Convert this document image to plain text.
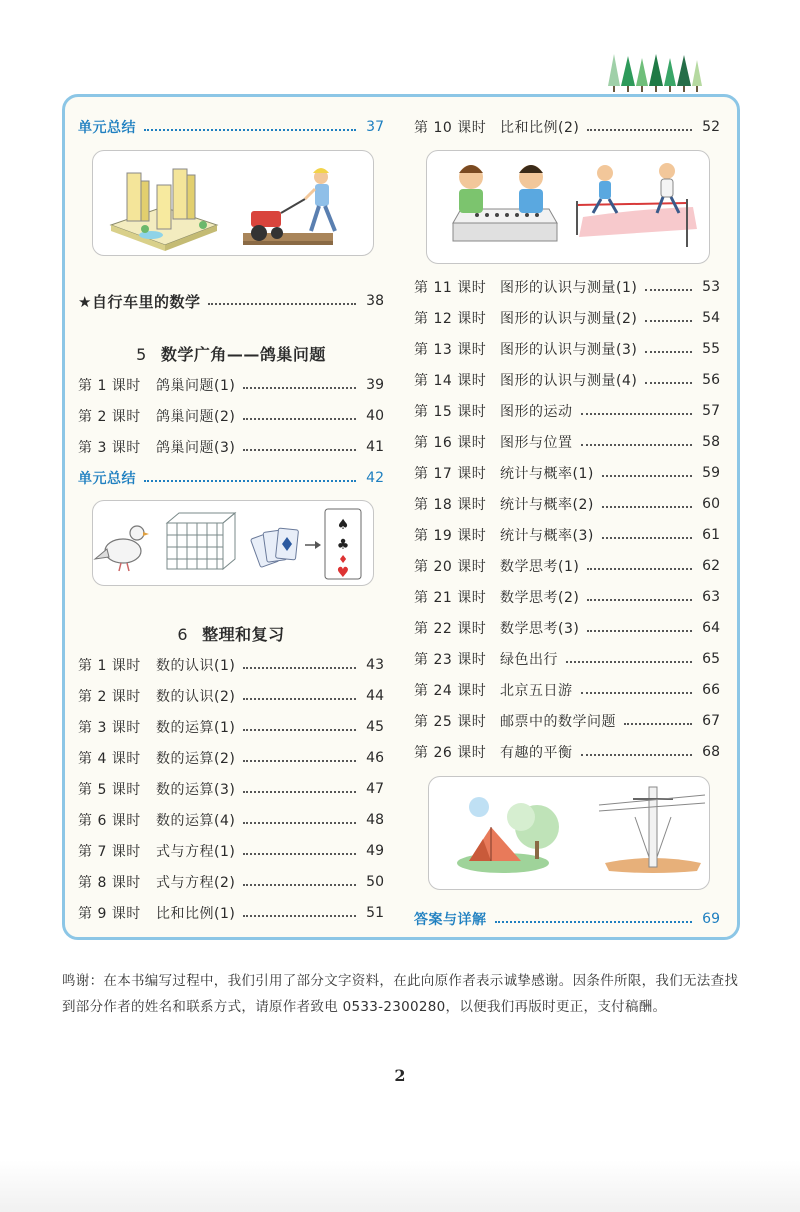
单元总结	37
★自行车里的数学	38
5 数学广角——鸽巢问题
第 1 课时	鸽巢问题(1)	39
第 2 课时	鸽巢问题(2)	40
第 3 课时	鸽巢问题(3)	41
单元总结	42
♠
♣
♦
♥
6 整理和复习
第 1 课时	数的认识(1)	43
第 2 课时	数的认识(2)	44
第 3 课时	数的运算(1)	45
第 4 课时	数的运算(2)	46
第 5 课时	数的运算(3)	47
第 6 课时	数的运算(4)	48
第 7 课时	式与方程(1)	49
第 8 课时	式与方程(2)	50
第 9 课时	比和比例(1)	51
第 10 课时 比和比例(2)	52
第 11 课时 图形的认识与测量(1)	53
第 12 课时 图形的认识与测量(2)	54
第 13 课时 图形的认识与测量(3)	55
第 14 课时 图形的认识与测量(4)	56
第 15 课时 图形的运动	57
第 16 课时 图形与位置	58
第 17 课时 统计与概率(1)	59
第 18 课时 统计与概率(2)	60
第 19 课时 统计与概率(3)	61
第 20 课时 数学思考(1)	62
第 21 课时 数学思考(2)	63
第 22 课时 数学思考(3)	64
第 23 课时 绿色出行	65
第 24 课时 北京五日游	66
第 25 课时 邮票中的数学问题	67
第 26 课时 有趣的平衡	68
答案与详解	69
鸣谢：在本书编写过程中，我们引用了部分文字资料，在此向原作者表示诚挚感谢。因条件所限，我们无法查找到部分作者的姓名和联系方式，请原作者致电 0533-2300280，以便我们再版时更正，支付稿酬。
2
